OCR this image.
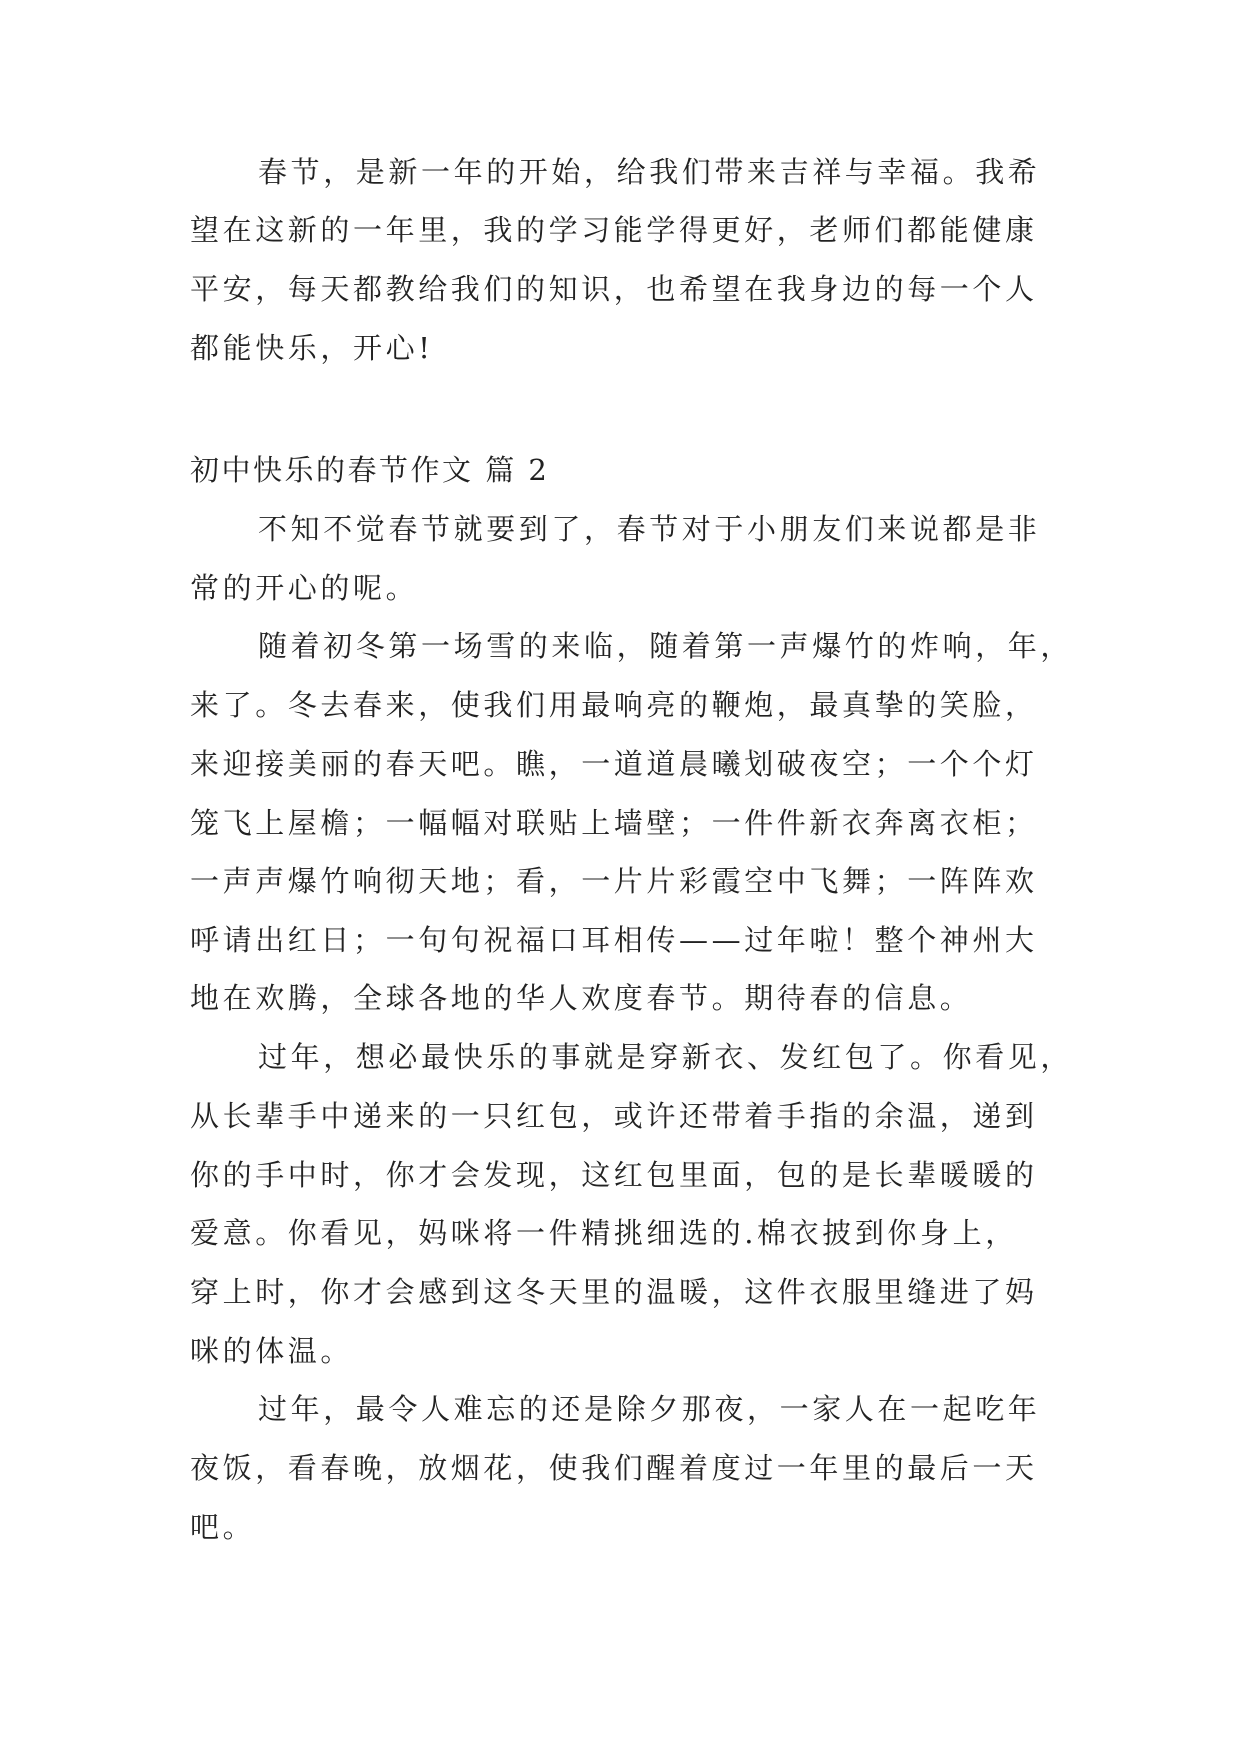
春节，是新一年的开始，给我们带来吉祥与幸福。我希
望在这新的一年里，我的学习能学得更好，老师们都能健康
平安，每天都教给我们的知识，也希望在我身边的每一个人
都能快乐，开心!
初中快乐的春节作文 篇 2
不知不觉春节就要到了，春节对于小朋友们来说都是非
常的开心的呢。
随着初冬第一场雪的来临，随着第一声爆竹的炸响，年，
来了。冬去春来，使我们用最响亮的鞭炮，最真挚的笑脸，
来迎接美丽的春天吧。瞧，一道道晨曦划破夜空；一个个灯
笼飞上屋檐；一幅幅对联贴上墙壁；一件件新衣奔离衣柜；
一声声爆竹响彻天地；看，一片片彩霞空中飞舞；一阵阵欢
呼请出红日；一句句祝福口耳相传——过年啦！整个神州大
地在欢腾，全球各地的华人欢度春节。期待春的信息。
过年，想必最快乐的事就是穿新衣、发红包了。你看见，
从长辈手中递来的一只红包，或许还带着手指的余温，递到
你的手中时，你才会发现，这红包里面，包的是长辈暖暖的
爱意。你看见，妈咪将一件精挑细选的.棉衣披到你身上，
穿上时，你才会感到这冬天里的温暖，这件衣服里缝进了妈
咪的体温。
过年，最令人难忘的还是除夕那夜，一家人在一起吃年
夜饭，看春晚，放烟花，使我们醒着度过一年里的最后一天
吧。
